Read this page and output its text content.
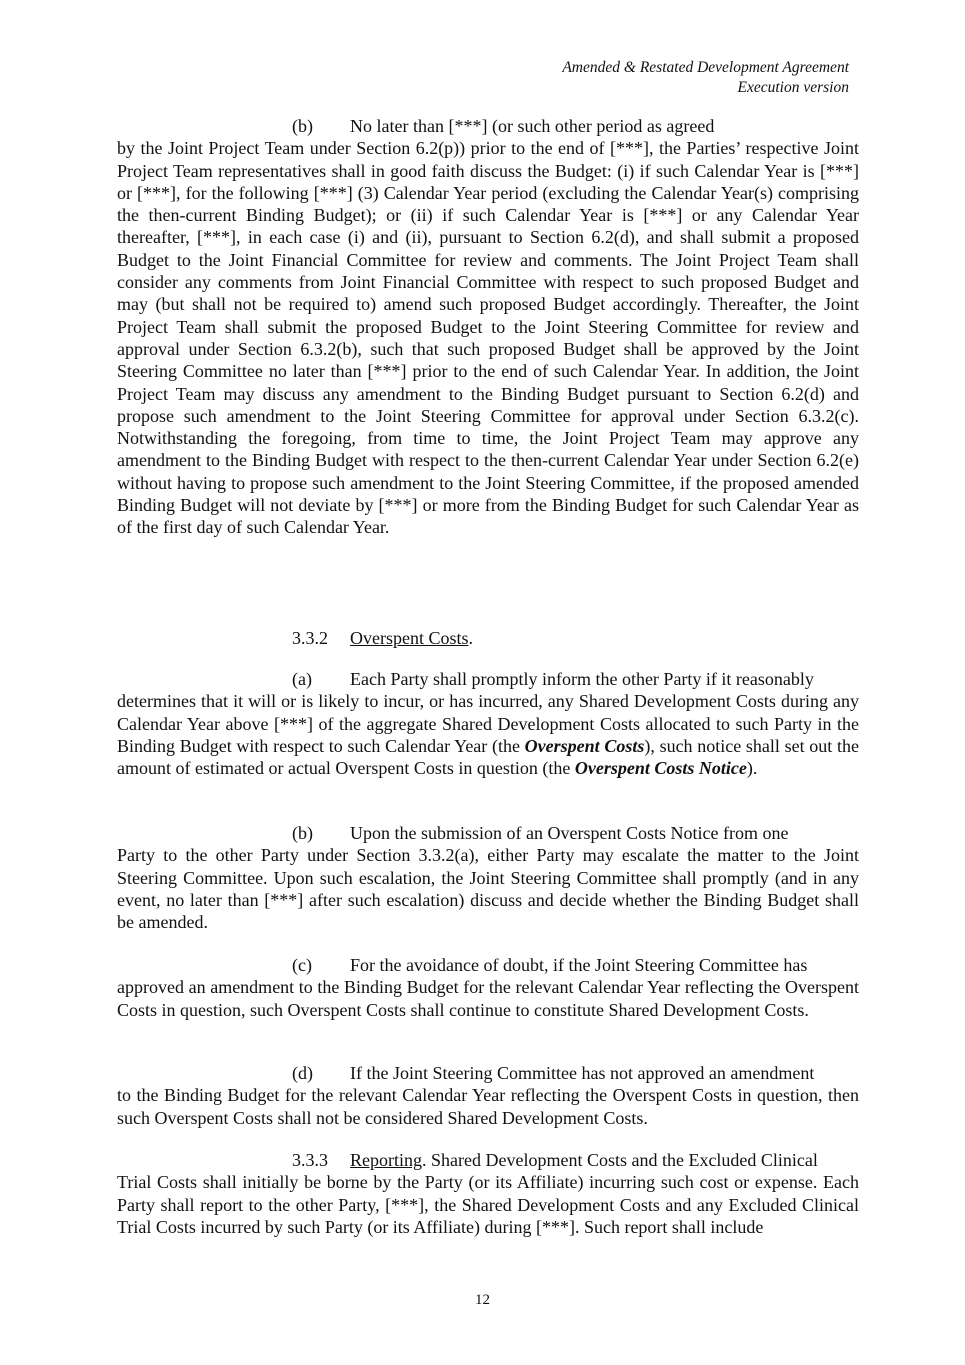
Amended & Restated Development Agreement
Execution version
(b) No later than [***] (or such other period as agreed
by the Joint Project Team under Section 6.2(p)) prior to the end of [***], the Parties’ respective Joint Project Team representatives shall in good faith discuss the Budget: (i) if such Calendar Year is [***] or [***], for the following [***] (3) Calendar Year period (excluding the Calendar Year(s) comprising the then-current Binding Budget); or (ii) if such Calendar Year is [***] or any Calendar Year thereafter, [***], in each case (i) and (ii), pursuant to Section 6.2(d), and shall submit a proposed Budget to the Joint Financial Committee for review and comments. The Joint Project Team shall consider any comments from Joint Financial Committee with respect to such proposed Budget and may (but shall not be required to) amend such proposed Budget accordingly. Thereafter, the Joint Project Team shall submit the proposed Budget to the Joint Steering Committee for review and approval under Section 6.3.2(b), such that such proposed Budget shall be approved by the Joint Steering Committee no later than [***] prior to the end of such Calendar Year. In addition, the Joint Project Team may discuss any amendment to the Binding Budget pursuant to Section 6.2(d) and propose such amendment to the Joint Steering Committee for approval under Section 6.3.2(c). Notwithstanding the foregoing, from time to time, the Joint Project Team may approve any amendment to the Binding Budget with respect to the then-current Calendar Year under Section 6.2(e) without having to propose such amendment to the Joint Steering Committee, if the proposed amended Binding Budget will not deviate by [***] or more from the Binding Budget for such Calendar Year as of the first day of such Calendar Year.
3.3.2 Overspent Costs.
(a) Each Party shall promptly inform the other Party if it reasonably
determines that it will or is likely to incur, or has incurred, any Shared Development Costs during any Calendar Year above [***] of the aggregate Shared Development Costs allocated to such Party in the Binding Budget with respect to such Calendar Year (the Overspent Costs), such notice shall set out the amount of estimated or actual Overspent Costs in question (the Overspent Costs Notice).
(b) Upon the submission of an Overspent Costs Notice from one
Party to the other Party under Section 3.3.2(a), either Party may escalate the matter to the Joint Steering Committee. Upon such escalation, the Joint Steering Committee shall promptly (and in any event, no later than [***] after such escalation) discuss and decide whether the Binding Budget shall be amended.
(c) For the avoidance of doubt, if the Joint Steering Committee has
approved an amendment to the Binding Budget for the relevant Calendar Year reflecting the Overspent Costs in question, such Overspent Costs shall continue to constitute Shared Development Costs.
(d) If the Joint Steering Committee has not approved an amendment
to the Binding Budget for the relevant Calendar Year reflecting the Overspent Costs in question, then such Overspent Costs shall not be considered Shared Development Costs.
3.3.3 Reporting. Shared Development Costs and the Excluded Clinical
Trial Costs shall initially be borne by the Party (or its Affiliate) incurring such cost or expense. Each Party shall report to the other Party, [***], the Shared Development Costs and any Excluded Clinical Trial Costs incurred by such Party (or its Affiliate) during [***]. Such report shall include
12
